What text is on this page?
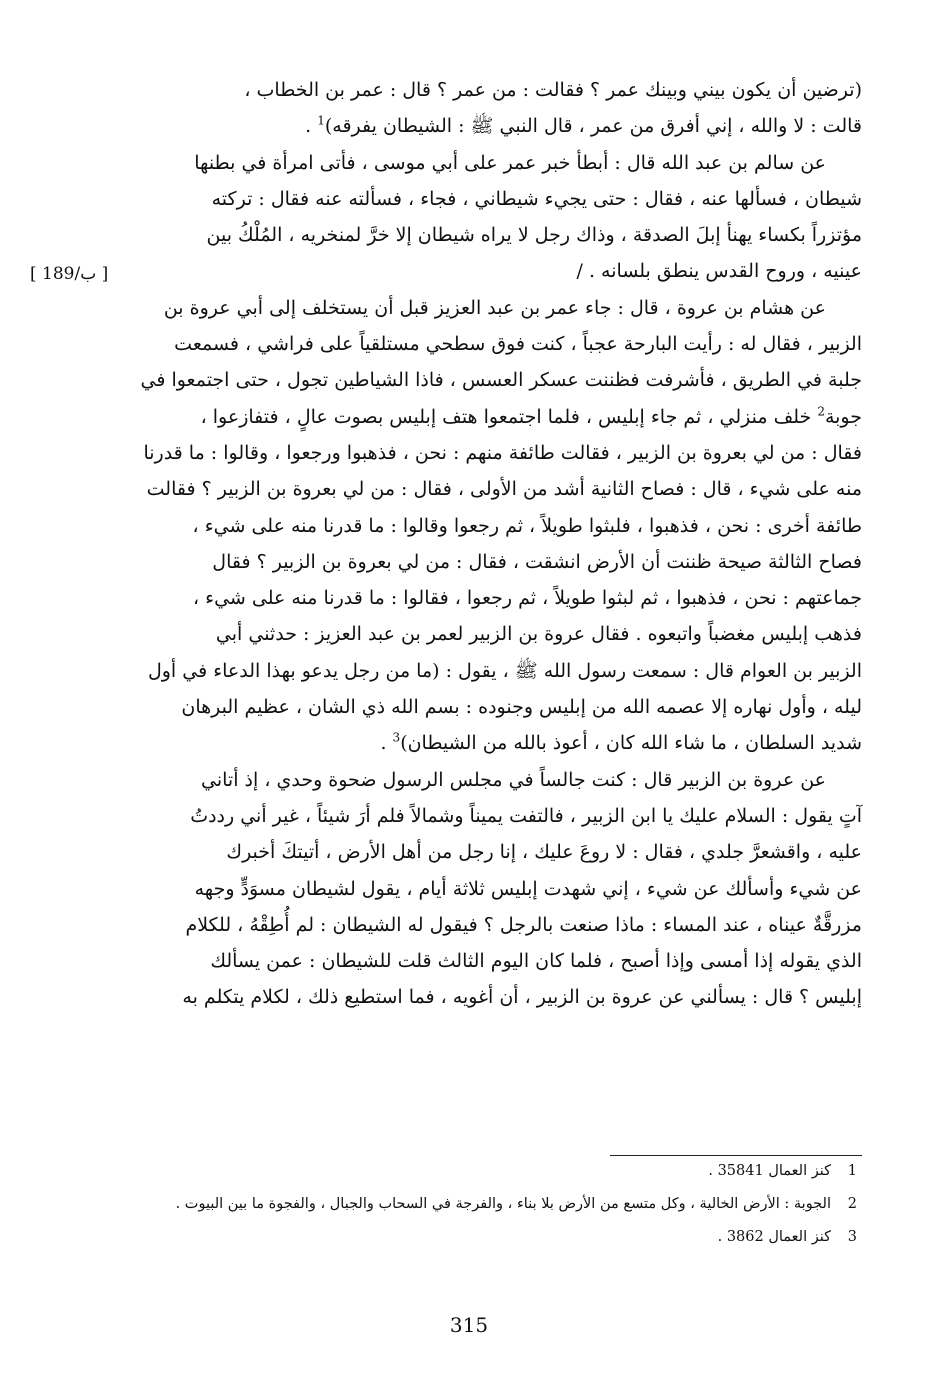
(ترضين أن يكون بيني وبينك عمر ؟ فقالت : من عمر ؟ قال : عمر بن الخطاب ،
قالت : لا والله ، إني أفرق من عمر ، قال النبي ﷺ : الشيطان يفرقه)$^1$ .

عن سالم بن عبد الله قال : أبطأ خبر عمر على أبي موسى ، فأتى امرأة في بطنها
شيطان ، فسألها عنه ، فقال : حتى يجيء شيطاني ، فجاء ، فسألته عنه فقال : تركته
مؤتزراً بكساء يهنأ إبلَ الصدقة ، وذاك رجل لا يراه شيطان إلا خرَّ لمنخريه ، المُلْكُ بين
عينيه ، وروح القدس ينطق بلسانه . /

عن هشام بن عروة ، قال : جاء عمر بن عبد العزيز قبل أن يستخلف إلى أبي عروة بن
الزبير ، فقال له : رأيت البارحة عجباً ، كنت فوق سطحي مستلقياً على فراشي ، فسمعت
جلبة في الطريق ، فأشرفت فظننت عسكر العسس ، فاذا الشياطين تجول ، حتى اجتمعوا في
جوبة$^2$ خلف منزلي ، ثم جاء إبليس ، فلما اجتمعوا هتف إبليس بصوت عالٍ ، فتفازعوا ،
فقال : من لي بعروة بن الزبير ، فقالت طائفة منهم : نحن ، فذهبوا ورجعوا ، وقالوا : ما قدرنا
منه على شيء ، قال : فصاح الثانية أشد من الأولى ، فقال : من لي بعروة بن الزبير ؟ فقالت
طائفة أخرى : نحن ، فذهبوا ، فلبثوا طويلاً ، ثم رجعوا وقالوا : ما قدرنا منه على شيء ،
فصاح الثالثة صيحة ظننت أن الأرض انشقت ، فقال : من لي بعروة بن الزبير ؟ فقال
جماعتهم : نحن ، فذهبوا ، ثم لبثوا طويلاً ، ثم رجعوا ، فقالوا : ما قدرنا منه على شيء ،
فذهب إبليس مغضباً واتبعوه . فقال عروة بن الزبير لعمر بن عبد العزيز : حدثني أبي
الزبير بن العوام قال : سمعت رسول الله ﷺ ، يقول : (ما من رجل يدعو بهذا الدعاء في أول
ليله ، وأول نهاره إلا عصمه الله من إبليس وجنوده : بسم الله ذي الشان ، عظيم البرهان
شديد السلطان ، ما شاء الله كان ، أعوذ بالله من الشيطان)$^3$ .

عن عروة بن الزبير قال : كنت جالساً في مجلس الرسول ضحوة وحدي ، إذ أتاني
آتٍ يقول : السلام عليك يا ابن الزبير ، فالتفت يميناً وشمالاً فلم أرَ شيئاً ، غير أني رددتُ
عليه ، واقشعرَّ جلدي ، فقال : لا روعَ عليك ، إنا رجل من أهل الأرض ، أتيتكَ أخبرك
عن شيء وأسألك عن شيء ، إني شهدت إبليس ثلاثة أيام ، يقول لشيطان مسوَدٍّ وجهه
مزرقَّةٌ عيناه ، عند المساء : ماذا صنعت بالرجل ؟ فيقول له الشيطان : لم أُطِقْهُ ، للكلام
الذي يقوله إذا أمسى وإذا أصبح ، فلما كان اليوم الثالث قلت للشيطان : عمن يسألك
إبليس ؟ قال : يسألني عن عروة بن الزبير ، أن أغويه ، فما استطيع ذلك ، لكلام يتكلم به

[ 189/ب ]
1
كنز العمال 35841 .
2
الجوبة : الأرض الخالية ، وكل متسع من الأرض بلا بناء ، والفرجة في السحاب والجبال ، والفجوة ما بين البيوت .
3
كنز العمال 3862 .
315
